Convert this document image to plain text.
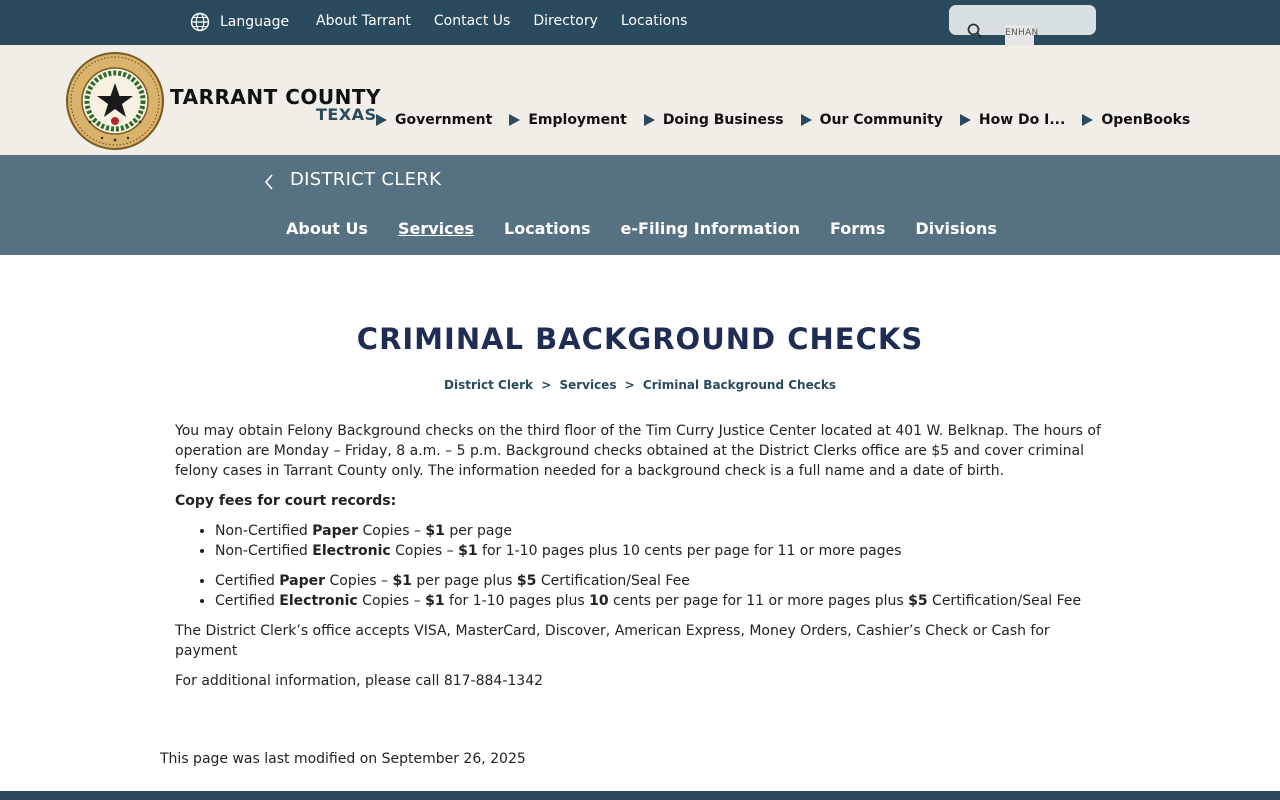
Language About Tarrant Contact Us Directory Locations
ENHAN
TARRANT COUNTY
TEXAS Government	Employment	Doing Business	Our Community	How Do I...	OpenBooks
DISTRICT CLERK
About Us Services Locations e-Filing Information Forms Divisions
CRIMINAL BACKGROUND CHECKS
District Clerk > Services > Criminal Background Checks

You may obtain Felony Background checks on the third floor of the Tim Curry Justice Center located at 401 W. Belknap. The hours of operation are Monday – Friday, 8 a.m. – 5 p.m. Background checks obtained at the District Clerks office are $5 and cover criminal felony cases in Tarrant County only. The information needed for a background check is a full name and a date of birth.

Copy fees for court records:

• Non-Certified Paper Copies – $1 per page
• Non-Certified Electronic Copies – $1 for 1-10 pages plus 10 cents per page for 11 or more pages
• Certified Paper Copies – $1 per page plus $5 Certification/Seal Fee
• Certified Electronic Copies – $1 for 1-10 pages plus 10 cents per page for 11 or more pages plus $5 Certification/Seal Fee

The District Clerk’s office accepts VISA, MasterCard, Discover, American Express, Money Orders, Cashier’s Check or Cash for payment

For additional information, please call 817-884-1342

This page was last modified on September 26, 2025
